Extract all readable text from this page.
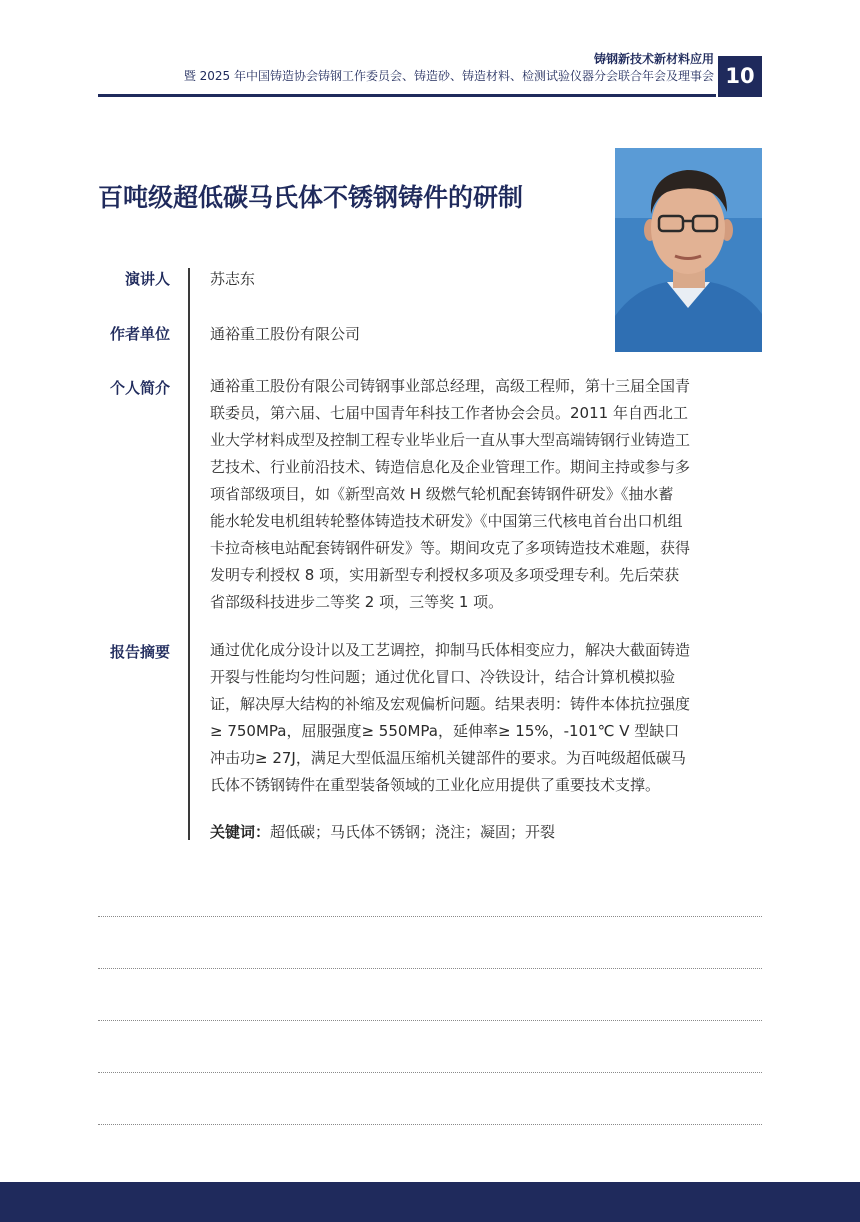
铸钢新技术新材料应用
暨 2025 年中国铸造协会铸钢工作委员会、铸造砂、铸造材料、检测试验仪器分会联合年会及理事会 10
百吨级超低碳马氏体不锈钢铸件的研制
演讲人	苏志东
作者单位	通裕重工股份有限公司
个人简介	通裕重工股份有限公司铸钢事业部总经理，高级工程师，第十三届全国青
联委员，第六届、七届中国青年科技工作者协会会员。2011 年自西北工
业大学材料成型及控制工程专业毕业后一直从事大型高端铸钢行业铸造工
艺技术、行业前沿技术、铸造信息化及企业管理工作。期间主持或参与多
项省部级项目，如《新型高效 H 级燃气轮机配套铸钢件研发》《抽水蓄
能水轮发电机组转轮整体铸造技术研发》《中国第三代核电首台出口机组
卡拉奇核电站配套铸钢件研发》等。期间攻克了多项铸造技术难题，获得
发明专利授权 8 项，实用新型专利授权多项及多项受理专利。先后荣获
省部级科技进步二等奖 2 项，三等奖 1 项。
报告摘要	通过优化成分设计以及工艺调控，抑制马氏体相变应力，解决大截面铸造
开裂与性能均匀性问题；通过优化冒口、冷铁设计，结合计算机模拟验
证，解决厚大结构的补缩及宏观偏析问题。结果表明：铸件本体抗拉强度
≥ 750MPa，屈服强度≥ 550MPa，延伸率≥ 15%，-101℃ V 型缺口
冲击功≥ 27J，满足大型低温压缩机关键部件的要求。为百吨级超低碳马
氏体不锈钢铸件在重型装备领域的工业化应用提供了重要技术支撑。
关键词：超低碳；马氏体不锈钢；浇注；凝固；开裂
